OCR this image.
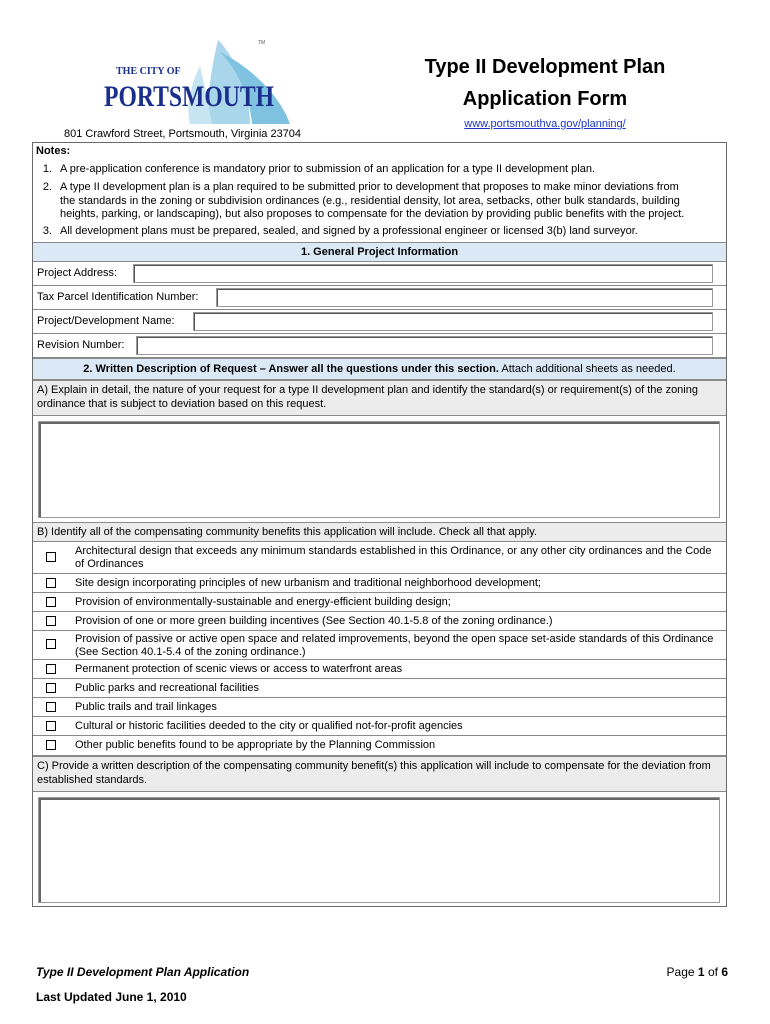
THE CITY OF
PORTSMOUTH
TM
Type II Development Plan
Application Form
www.portsmouthva.gov/planning/
801 Crawford Street, Portsmouth, Virginia 23704
Notes:
1. A pre-application conference is mandatory prior to submission of an application for a type II development plan.
2. A type II development plan is a plan required to be submitted prior to development that proposes to make minor deviations from the standards in the zoning or subdivision ordinances (e.g., residential density, lot area, setbacks, other bulk standards, building heights, parking, or landscaping), but also proposes to compensate for the deviation by providing public benefits with the project.
3. All development plans must be prepared, sealed, and signed by a professional engineer or licensed 3(b) land surveyor.
1. General Project Information
Project Address:
Tax Parcel Identification Number:
Project/Development Name:
Revision Number:
2. Written Description of Request – Answer all the questions under this section. Attach additional sheets as needed.
A) Explain in detail, the nature of your request for a type II development plan and identify the standard(s) or requirement(s) of the zoning ordinance that is subject to deviation based on this request.
B) Identify all of the compensating community benefits this application will include. Check all that apply.
Architectural design that exceeds any minimum standards established in this Ordinance, or any other city ordinances and the Code of Ordinances
Site design incorporating principles of new urbanism and traditional neighborhood development;
Provision of environmentally-sustainable and energy-efficient building design;
Provision of one or more green building incentives (See Section 40.1-5.8 of the zoning ordinance.)
Provision of passive or active open space and related improvements, beyond the open space set-aside standards of this Ordinance (See Section 40.1-5.4 of the zoning ordinance.)
Permanent protection of scenic views or access to waterfront areas
Public parks and recreational facilities
Public trails and trail linkages
Cultural or historic facilities deeded to the city or qualified not-for-profit agencies
Other public benefits found to be appropriate by the Planning Commission
C) Provide a written description of the compensating community benefit(s) this application will include to compensate for the deviation from established standards.
Type II Development Plan Application	Page 1 of 6
Last Updated June 1, 2010
